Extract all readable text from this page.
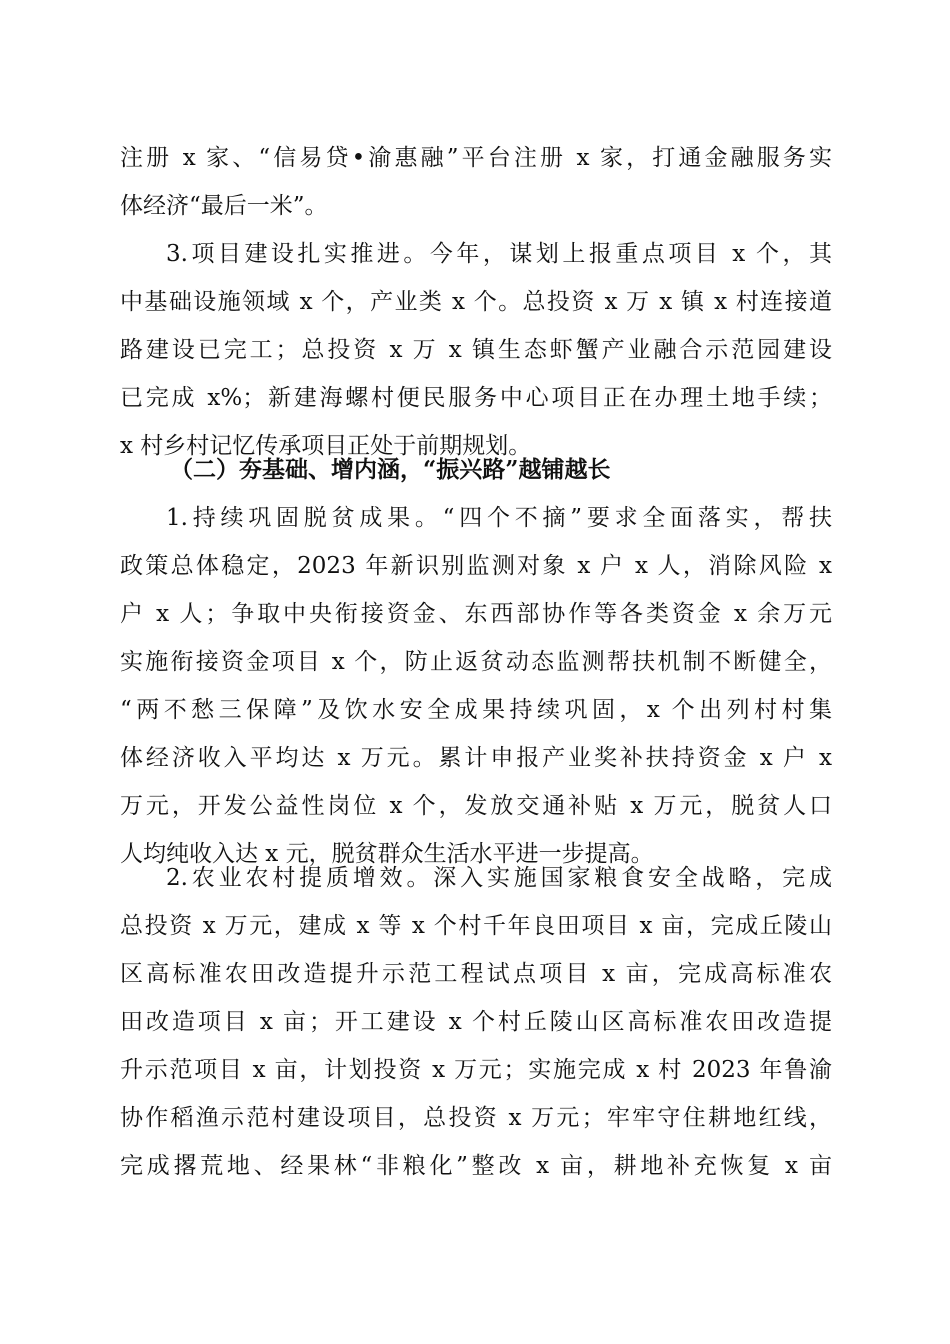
注册 x 家、“信易贷•渝惠融”平台注册 x 家，打通金融服务实
体经济“最后一米”。
3.项目建设扎实推进。今年，谋划上报重点项目 x 个，其
中基础设施领域 x 个，产业类 x 个。总投资 x 万 x 镇 x 村连接道
路建设已完工；总投资 x 万 x 镇生态虾蟹产业融合示范园建设
已完成 x%；新建海螺村便民服务中心项目正在办理土地手续；
x 村乡村记忆传承项目正处于前期规划。
（二）夯基础、增内涵，“振兴路”越铺越长
1.持续巩固脱贫成果。“四个不摘”要求全面落实，帮扶
政策总体稳定，2023 年新识别监测对象 x 户 x 人，消除风险 x
户 x 人；争取中央衔接资金、东西部协作等各类资金 x 余万元
实施衔接资金项目 x 个，防止返贫动态监测帮扶机制不断健全，
“两不愁三保障”及饮水安全成果持续巩固，x 个出列村村集
体经济收入平均达 x 万元。累计申报产业奖补扶持资金 x 户 x
万元，开发公益性岗位 x 个，发放交通补贴 x 万元，脱贫人口
人均纯收入达 x 元，脱贫群众生活水平进一步提高。
2.农业农村提质增效。深入实施国家粮食安全战略，完成
总投资 x 万元，建成 x 等 x 个村千年良田项目 x 亩，完成丘陵山
区高标准农田改造提升示范工程试点项目 x 亩，完成高标准农
田改造项目 x 亩；开工建设 x 个村丘陵山区高标准农田改造提
升示范项目 x 亩，计划投资 x 万元；实施完成 x 村 2023 年鲁渝
协作稻渔示范村建设项目，总投资 x 万元；牢牢守住耕地红线，
完成撂荒地、经果林“非粮化”整改 x 亩，耕地补充恢复 x 亩
